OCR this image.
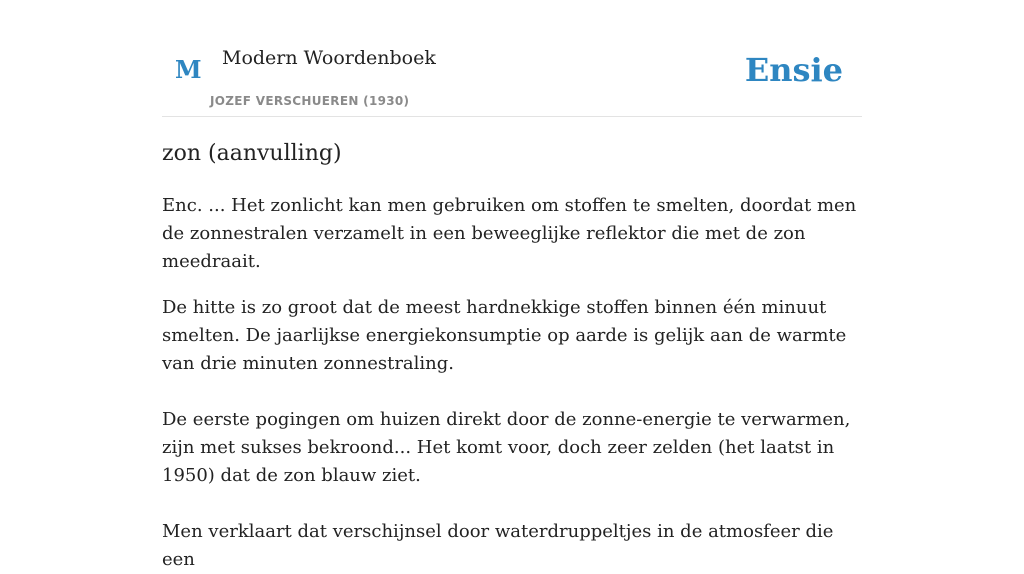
M Modern Woordenboek
JOZEF VERSCHUEREN (1930)
Ensie
zon (aanvulling)

Enc. ... Het zonlicht kan men gebruiken om stoffen te smelten, doordat men de zonnestralen verzamelt in een beweeglijke reflektor die met de zon meedraait.

De hitte is zo groot dat de meest hardnekkige stoffen binnen één minuut smelten. De jaarlijkse energiekonsumptie op aarde is gelijk aan de warmte van drie minuten zonnestraling.

De eerste pogingen om huizen direkt door de zonne-energie te verwarmen, zijn met sukses bekroond... Het komt voor, doch zeer zelden (het laatst in 1950) dat de zon blauw ziet.

Men verklaart dat verschijnsel door waterdruppeltjes in de atmosfeer die een
